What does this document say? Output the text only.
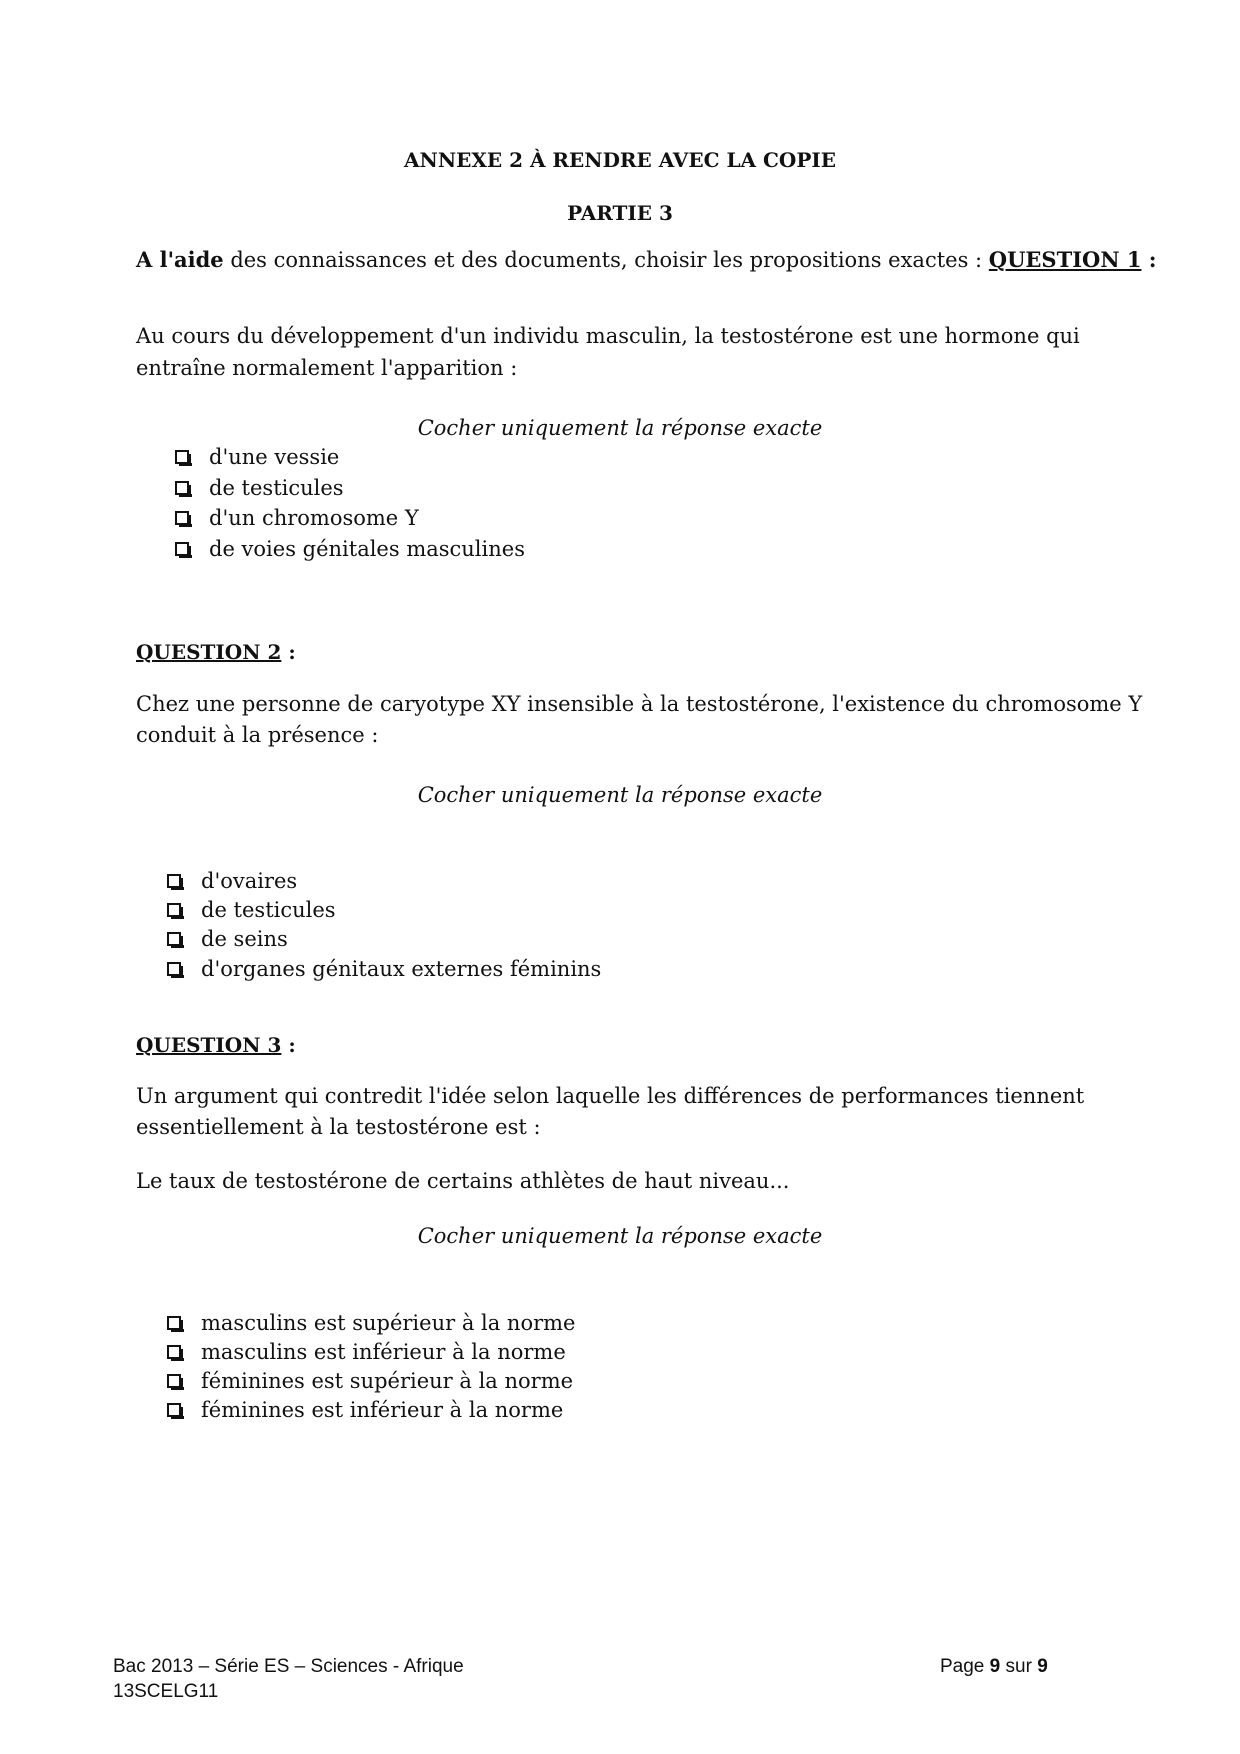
ANNEXE 2 À RENDRE AVEC LA COPIE
PARTIE 3
A l'aide des connaissances et des documents, choisir les propositions exactes : QUESTION 1 :
Au cours du développement d'un individu masculin, la testostérone est une hormone qui
entraîne normalement l'apparition :
Cocher uniquement la réponse exacte
d'une vessie
de testicules
d'un chromosome Y
de voies génitales masculines
QUESTION 2 :
Chez une personne de caryotype XY insensible à la testostérone, l'existence du chromosome Y
conduit à la présence :
Cocher uniquement la réponse exacte
d'ovaires
de testicules
de seins
d'organes génitaux externes féminins
QUESTION 3 :
Un argument qui contredit l'idée selon laquelle les différences de performances tiennent
essentiellement à la testostérone est :
Le taux de testostérone de certains athlètes de haut niveau...
Cocher uniquement la réponse exacte
masculins est supérieur à la norme
masculins est inférieur à la norme
féminines est supérieur à la norme
féminines est inférieur à la norme
Bac 2013 – Série ES – Sciences - Afrique
13SCELG11
Page 9 sur 9
